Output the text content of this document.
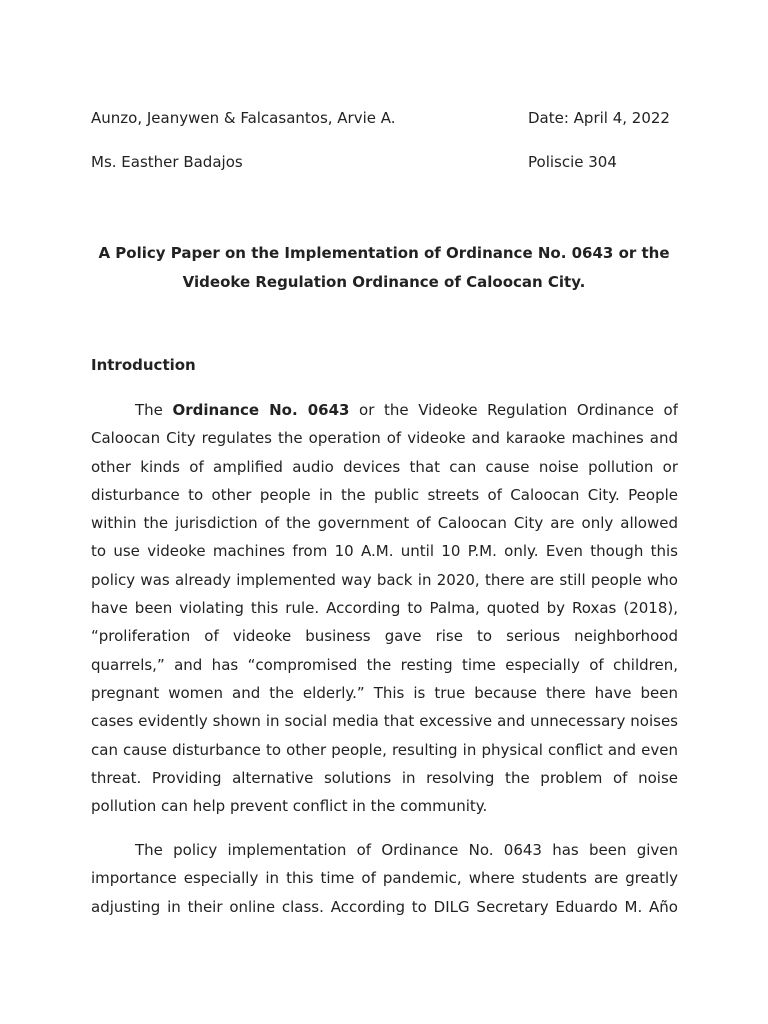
Aunzo, Jeanywen & Falcasantos, Arvie A.	Date: April 4, 2022
Ms. Easther Badajos	Poliscie 304
A Policy Paper on the Implementation of Ordinance No. 0643 or the
Videoke Regulation Ordinance of Caloocan City.
Introduction
The Ordinance No. 0643 or the Videoke Regulation Ordinance of
Caloocan City regulates the operation of videoke and karaoke machines and
other kinds of amplified audio devices that can cause noise pollution or
disturbance to other people in the public streets of Caloocan City. People
within the jurisdiction of the government of Caloocan City are only allowed
to use videoke machines from 10 A.M. until 10 P.M. only. Even though this
policy was already implemented way back in 2020, there are still people who
have been violating this rule. According to Palma, quoted by Roxas (2018),
“proliferation of videoke business gave rise to serious neighborhood
quarrels,” and has “compromised the resting time especially of children,
pregnant women and the elderly.” This is true because there have been
cases evidently shown in social media that excessive and unnecessary noises
can cause disturbance to other people, resulting in physical conflict and even
threat. Providing alternative solutions in resolving the problem of noise
pollution can help prevent conflict in the community.
The policy implementation of Ordinance No. 0643 has been given
importance especially in this time of pandemic, where students are greatly
adjusting in their online class. According to DILG Secretary Eduardo M. Año
